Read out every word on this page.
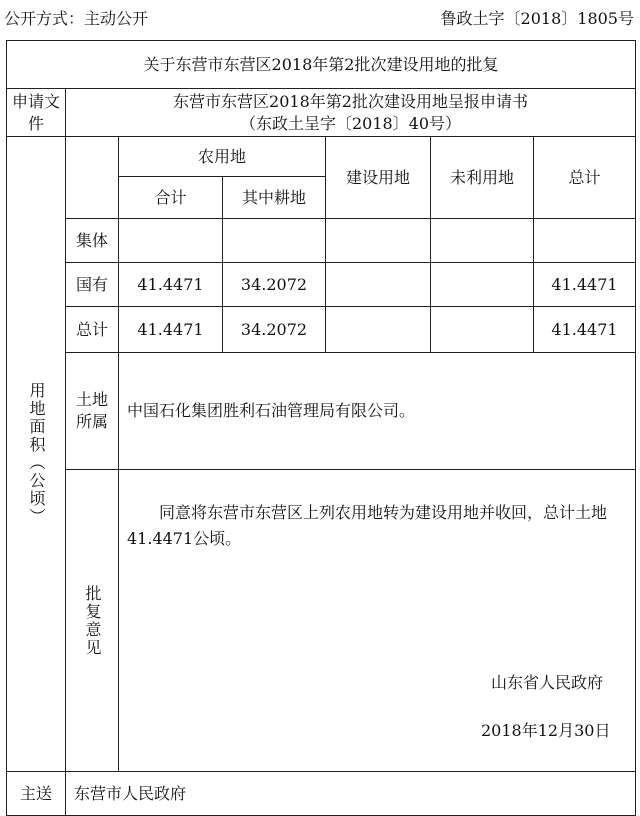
公开方式：主动公开	鲁政土字〔2018〕1805号
关于东营市东营区2018年第2批次建设用地的批复						
申请文件	东营市东营区2018年第2批次建设用地呈报申请书
（东政土呈字〔2018〕40号）					

用地面积（公顷）		农用地		建设用地	未利用地	总计
		合计	其中耕地			
	集体					
	国有	41.4471	34.2072			41.4471
	总计	41.4471	34.2072			41.4471

	土地
所属	中国石化集团胜利石油管理局有限公司。				

	批复意见	同意将东营市东营区上列农用地转为建设用地并收回，总计土地41.4471公顷。
山东省人民政府
2018年12月30日				

主送	东营市人民政府					
